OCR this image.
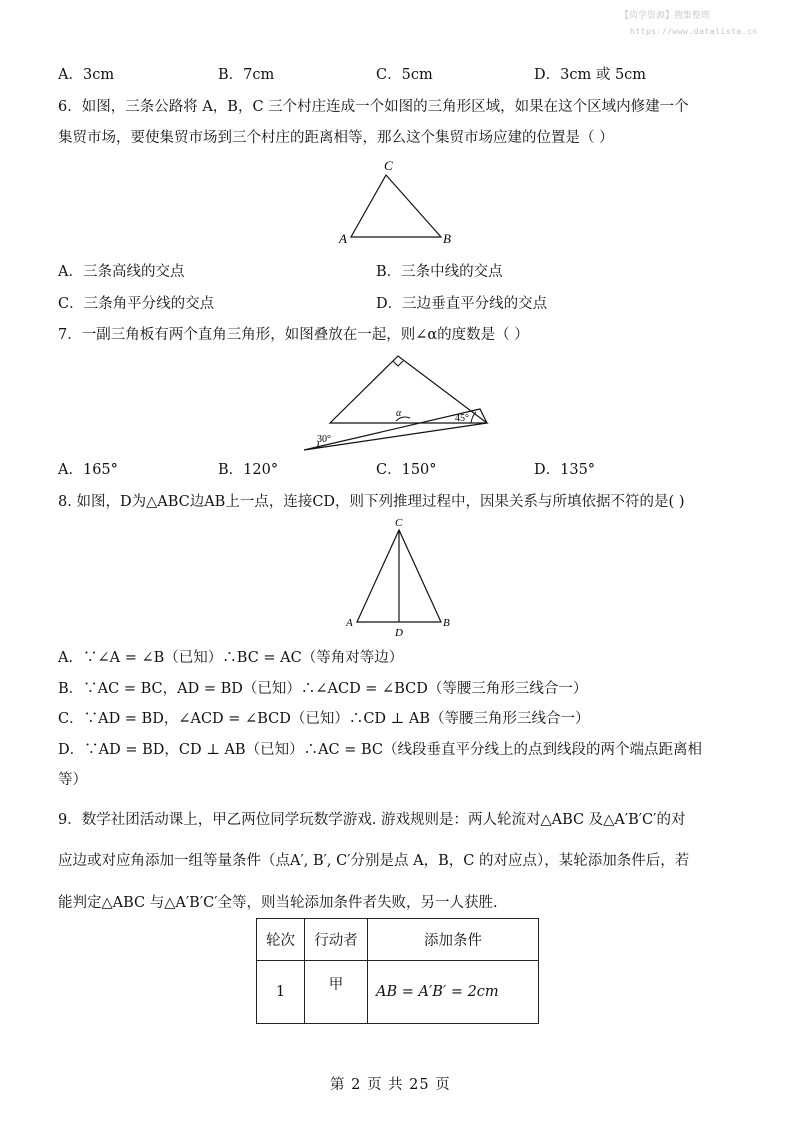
【尚学资源】搜集整理
https://www.datalista.cn
A．3cm	B．7cm	C．5cm	D．3cm 或 5cm
6．如图，三条公路将 A，B，C 三个村庄连成一个如图的三角形区域，如果在这个区域内修建一个
集贸市场，要使集贸市场到三个村庄的距离相等，那么这个集贸市场应建的位置是（ ）
C
A	B
A．三条高线的交点	B．三条中线的交点
C．三条角平分线的交点	D．三边垂直平分线的交点
7．一副三角板有两个直角三角形，如图叠放在一起，则∠α的度数是（ ）
α	45°
30°
A．165°	B．120°	C．150°	D．135°
8. 如图，D为△ABC边AB上一点，连接CD，则下列推理过程中，因果关系与所填依据不符的是( )
C
A	B
D
A．∵∠A = ∠B（已知）∴BC = AC（等角对等边）
B．∵AC = BC，AD = BD（已知）∴∠ACD = ∠BCD（等腰三角形三线合一）
C．∵AD = BD，∠ACD = ∠BCD（已知）∴CD ⊥ AB（等腰三角形三线合一）
D．∵AD = BD，CD ⊥ AB（已知）∴AC = BC（线段垂直平分线上的点到线段的两个端点距离相
等）
9．数学社团活动课上，甲乙两位同学玩数学游戏. 游戏规则是：两人轮流对△ABC 及△A′B′C′的对
应边或对应角添加一组等量条件（点A′, B′, C′分别是点 A，B，C 的对应点），某轮添加条件后，若
能判定△ABC 与△A′B′C′全等，则当轮添加条件者失败，另一人获胜.
轮次	行动者	添加条件
1	甲	AB = A′B′ = 2cm
第 2 页 共 25 页
